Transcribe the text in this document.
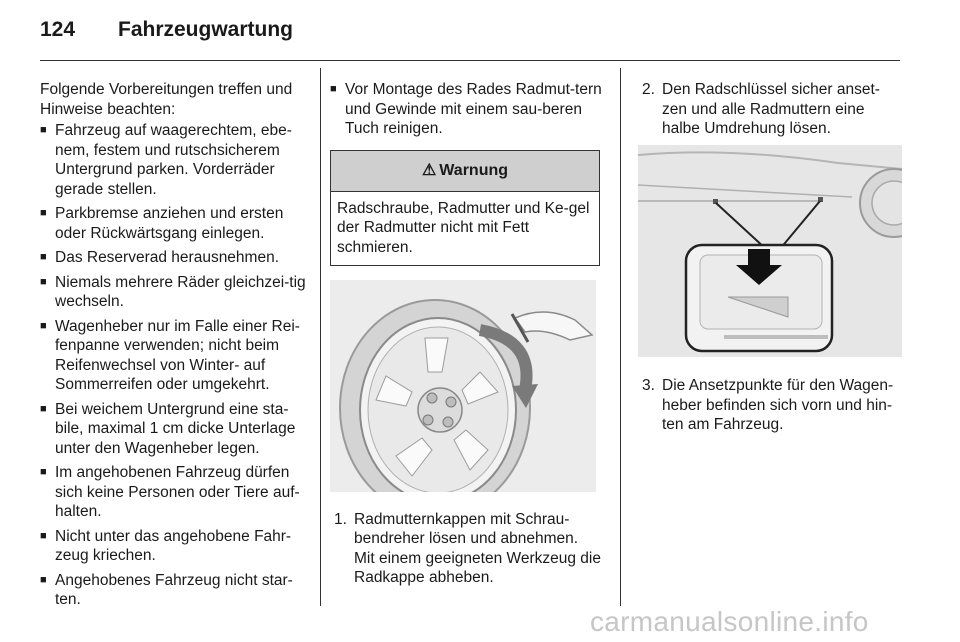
124	Fahrzeugwartung

Folgende Vorbereitungen treffen und Hinweise beachten:

■ Fahrzeug auf waagerechtem, ebe-nem, festem und rutschsicherem Untergrund parken. Vorderräder gerade stellen.
■ Parkbremse anziehen und ersten oder Rückwärtsgang einlegen.
■ Das Reserverad herausnehmen.
■ Niemals mehrere Räder gleichzei-tig wechseln.
■ Wagenheber nur im Falle einer Rei-fenpanne verwenden; nicht beim Reifenwechsel von Winter- auf Sommerreifen oder umgekehrt.
■ Bei weichem Untergrund eine sta-bile, maximal 1 cm dicke Unterlage unter den Wagenheber legen.
■ Im angehobenen Fahrzeug dürfen sich keine Personen oder Tiere auf-halten.
■ Nicht unter das angehobene Fahr-zeug kriechen.
■ Angehobenes Fahrzeug nicht star-ten.
■ Vor Montage des Rades Radmut-tern und Gewinde mit einem sau-beren Tuch reinigen.
⚠ Warnung
Radschraube, Radmutter und Ke-gel der Radmutter nicht mit Fett schmieren.
1. Radmutternkappen mit Schrau-bendreher lösen und abnehmen. Mit einem geeigneten Werkzeug die Radkappe abheben.
2. Den Radschlüssel sicher anset-zen und alle Radmuttern eine halbe Umdrehung lösen.
3. Die Ansetzpunkte für den Wagen-heber befinden sich vorn und hin-ten am Fahrzeug.
carmanualsonline.info
